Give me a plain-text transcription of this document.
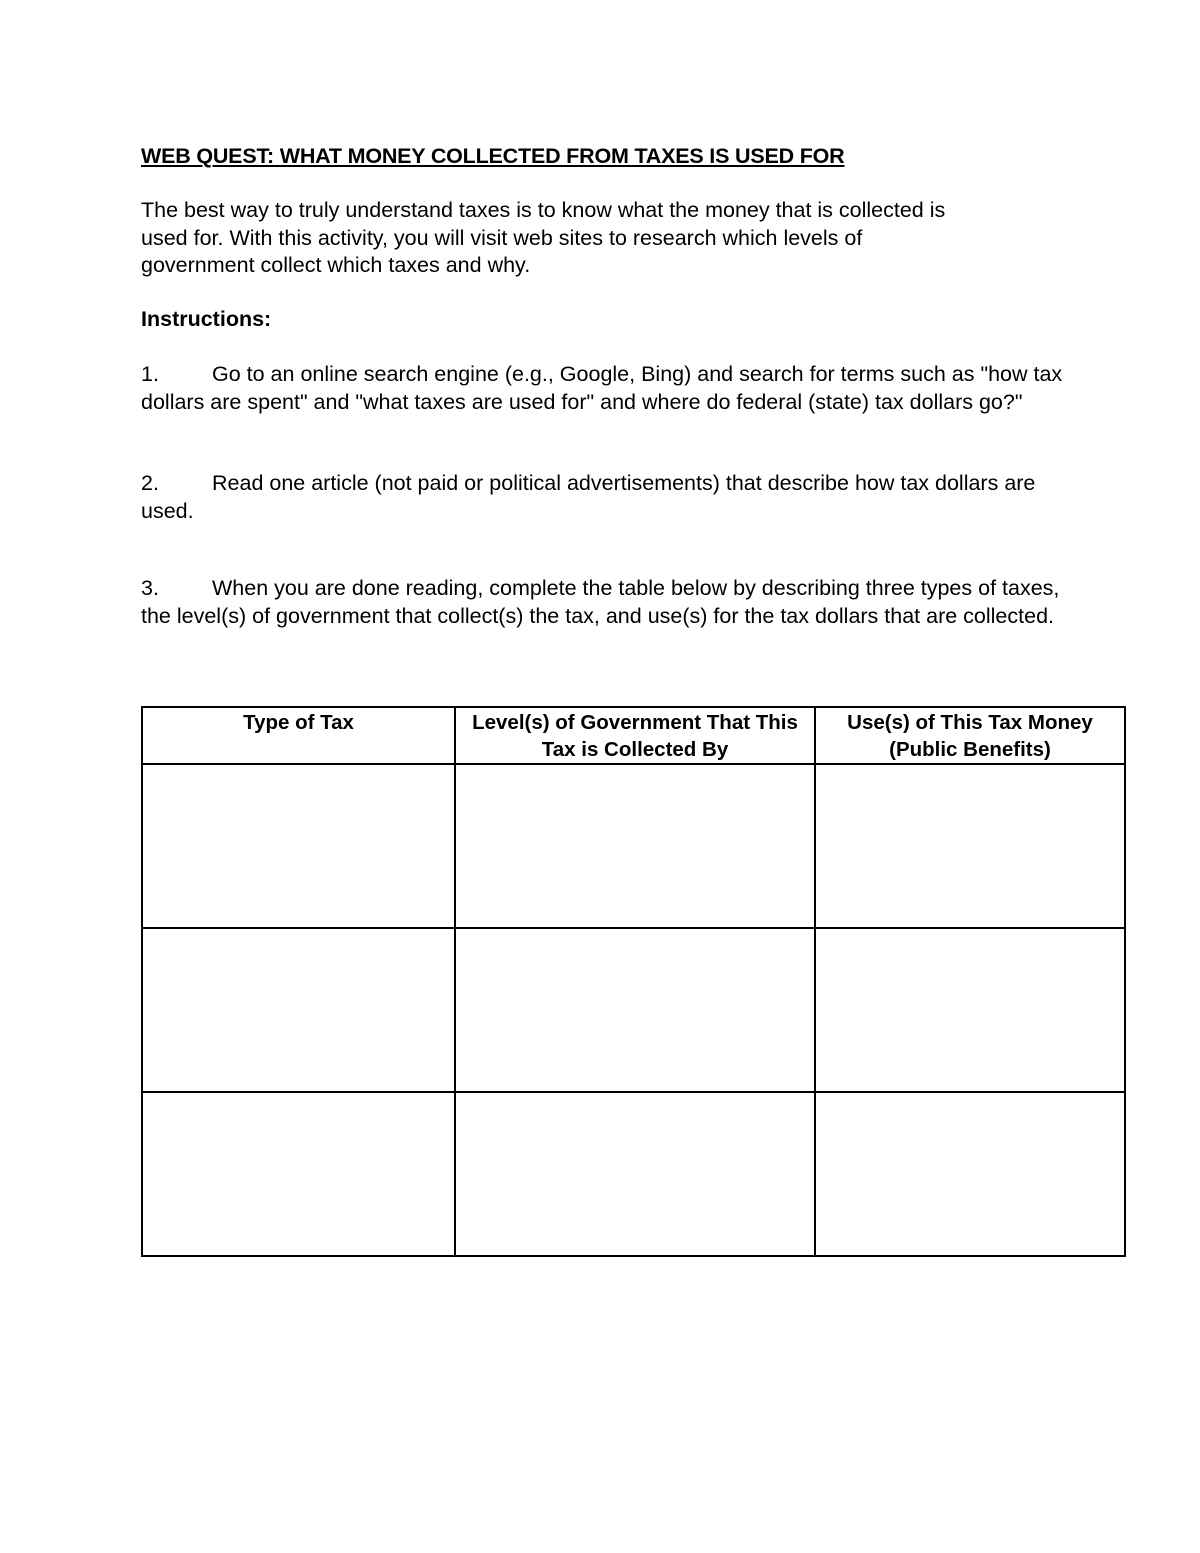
WEB QUEST: WHAT MONEY COLLECTED FROM TAXES IS USED FOR
The best way to truly understand taxes is to know what the money that is collected is
used for. With this activity, you will visit web sites to research which levels of
government collect which taxes and why.
Instructions:
1. Go to an online search engine (e.g., Google, Bing) and search for terms such as "how tax dollars are spent" and "what taxes are used for" and where do federal (state) tax dollars go?"
2. Read one article (not paid or political advertisements) that describe how tax dollars are used.
3. When you are done reading, complete the table below by describing three types of taxes, the level(s) of government that collect(s) the tax, and use(s) for the tax dollars that are collected.
Type of Tax	Level(s) of Government That This Tax is Collected By	Use(s) of This Tax Money (Public Benefits)
